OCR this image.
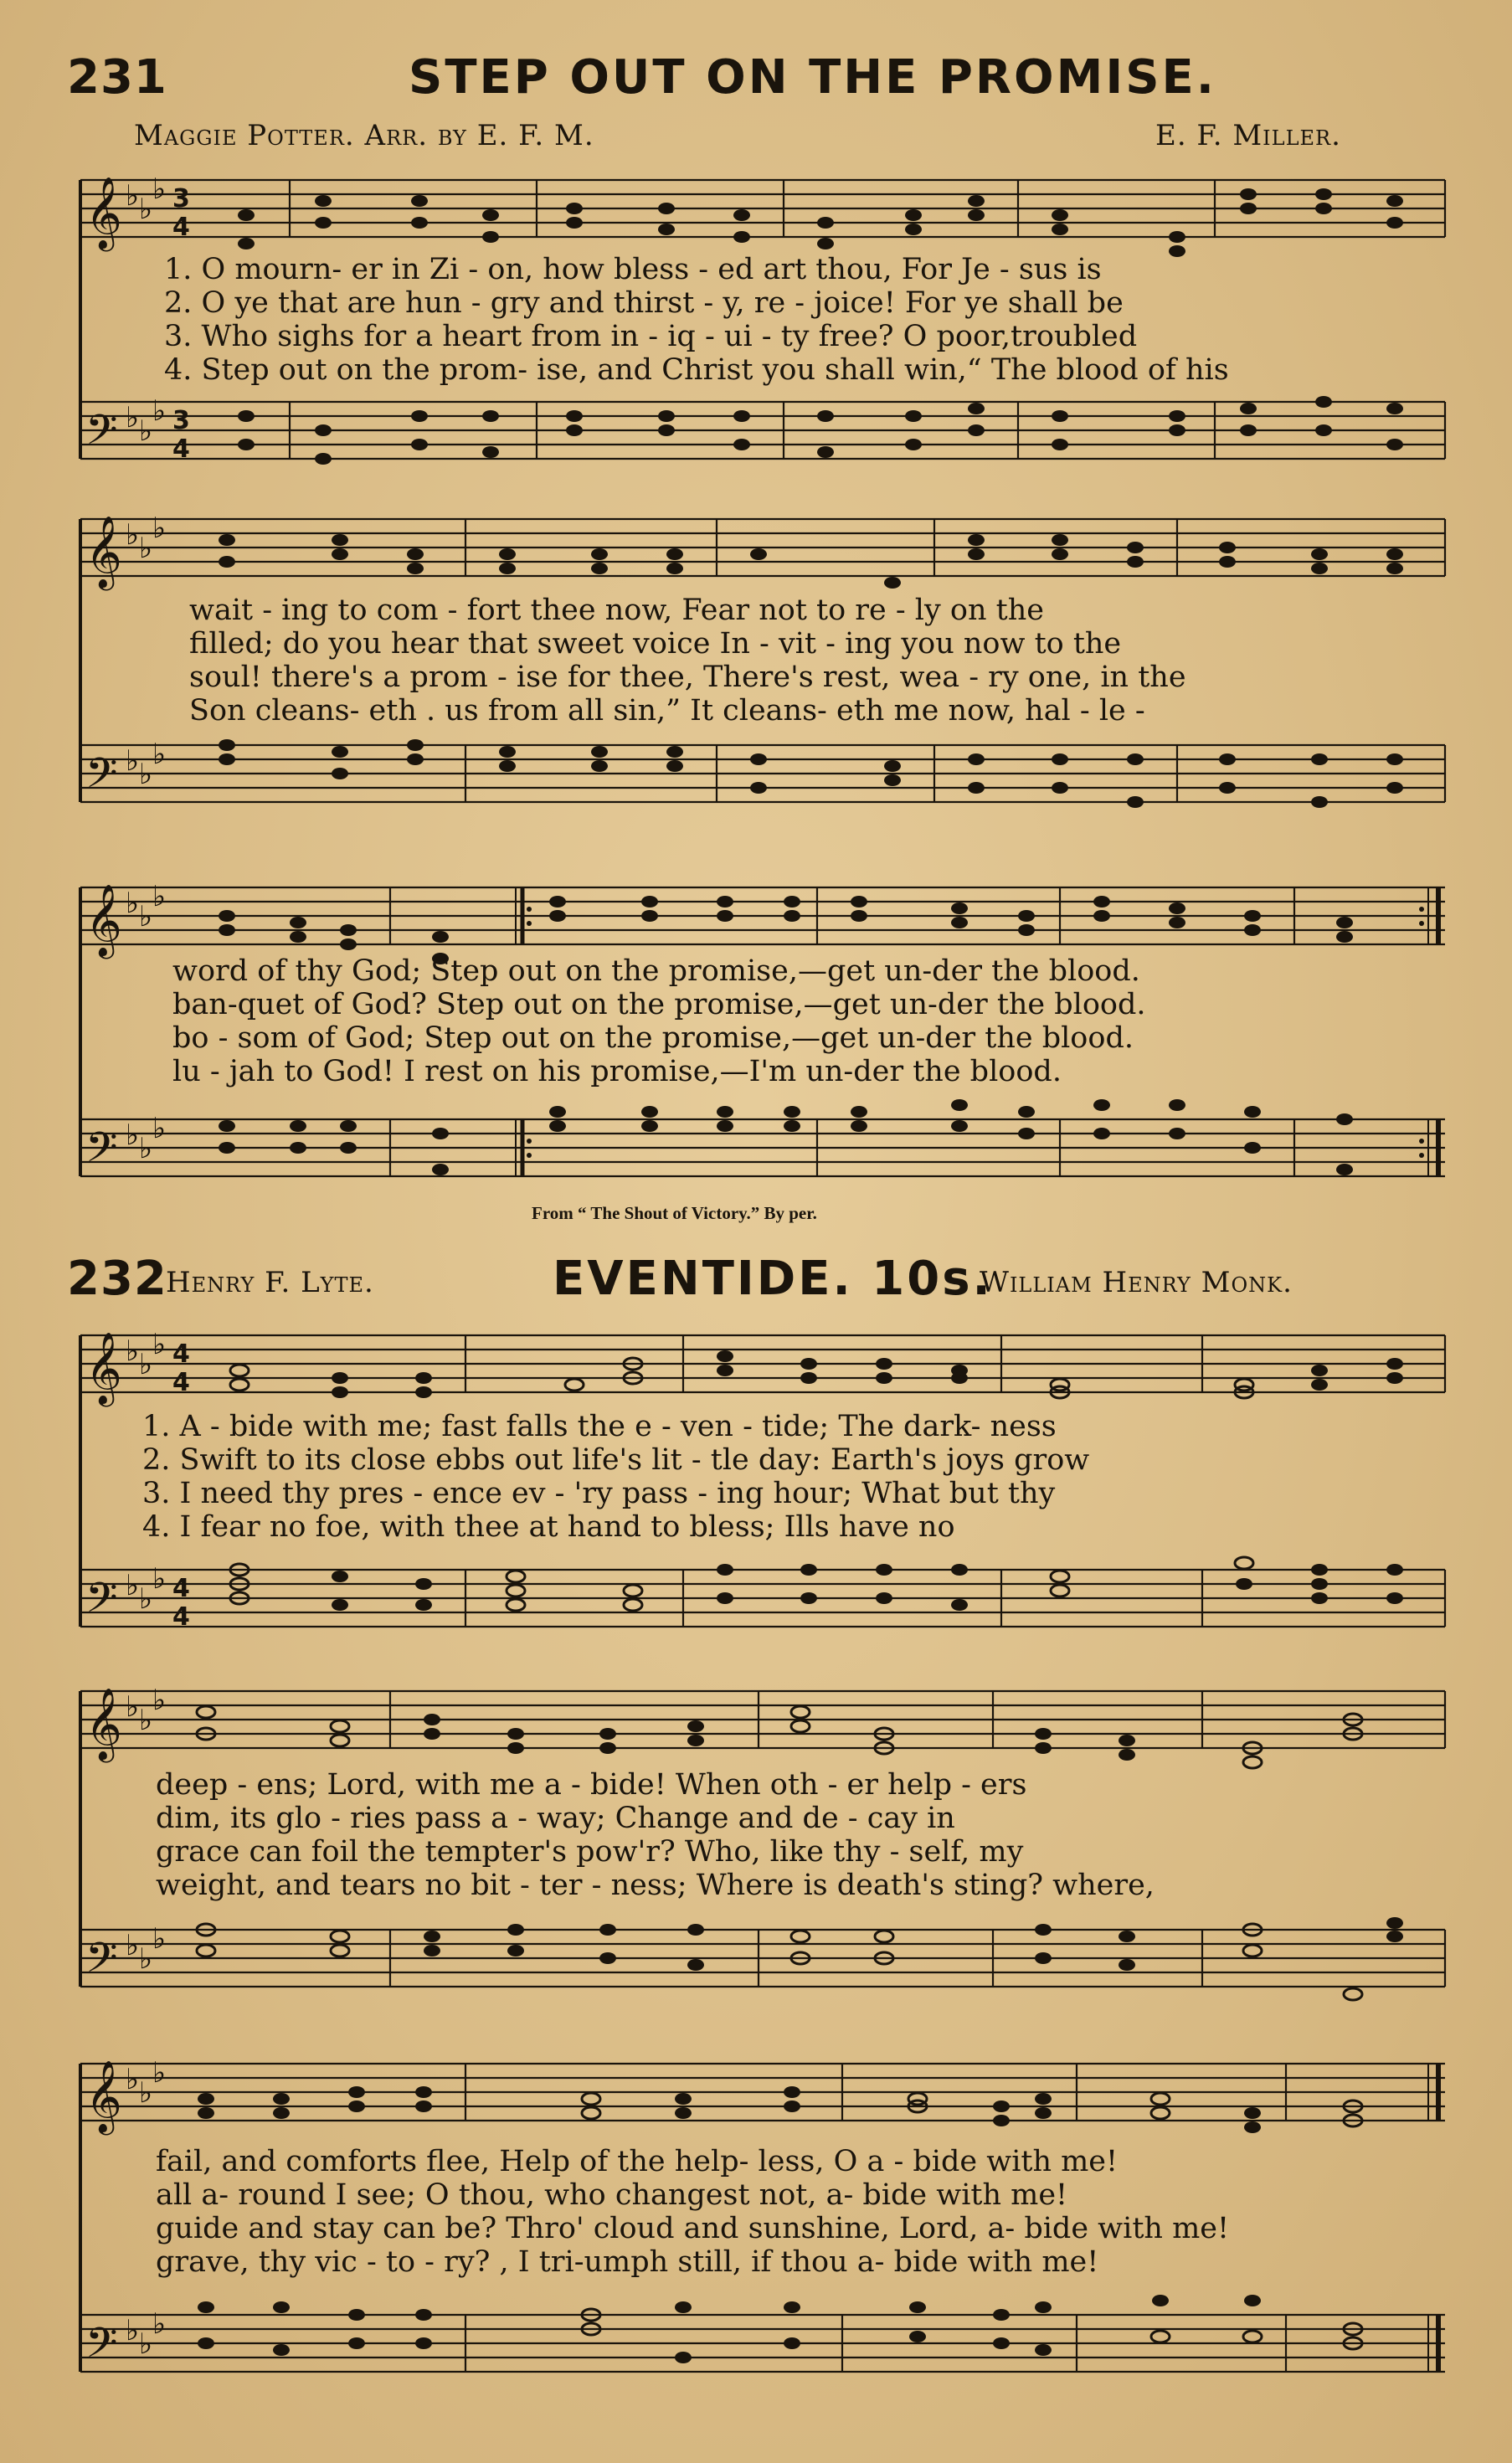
231	STEP OUT ON THE PROMISE.
Maggie Potter. Arr. by E. F. M.	E. F. Miller.
𝄞
𝄢
♭ ♭
♭
♭ ♭
♭
3
4
3
4
1. O mourn- er in Zi - on, how bless - ed art thou, For Je - sus is
2. O ye that are hun - gry and thirst - y, re - joice! For ye shall be
3. Who sighs for a heart from in - iq - ui - ty free? O poor,troubled
4. Step out on the prom- ise, and Christ you shall win,“ The blood of his
𝄞
𝄢
♭ ♭
♭
♭ ♭
♭
wait - ing to com - fort thee now, Fear not to re - ly on the
filled; do you hear that sweet voice In - vit - ing you now to the
soul! there's a prom - ise for thee, There's rest, wea - ry one, in the
Son cleans- eth . us from all sin,” It cleans- eth me now, hal - le -
𝄞
𝄢
♭ ♭
♭
♭ ♭
♭
word of thy God; Step out on the promise,—get un-der the blood.
ban-quet of God? Step out on the promise,—get un-der the blood.
bo - som of God; Step out on the promise,—get un-der the blood.
lu - jah to God! I rest on his promise,—I'm un-der the blood.
From “ The Shout of Victory.” By per.
232
Henry F. Lyte.	EVENTIDE. 10s.
William Henry Monk.
𝄞
𝄢
♭ ♭
♭
♭ ♭
♭
4
4
4
4
1. A - bide with me; fast falls the e - ven - tide; The dark- ness
2. Swift to its close ebbs out life's lit - tle day: Earth's joys grow
3. I need thy pres - ence ev - 'ry pass - ing hour; What but thy
4. I fear no foe, with thee at hand to bless; Ills have no
𝄞
𝄢
♭ ♭
♭
♭ ♭
♭
deep - ens; Lord, with me a - bide! When oth - er help - ers
dim, its glo - ries pass a - way; Change and de - cay in
grace can foil the tempter's pow'r? Who, like thy - self, my
weight, and tears no bit - ter - ness; Where is death's sting? where,
𝄞
𝄢
♭ ♭
♭
♭ ♭
♭
fail, and comforts flee, Help of the help- less, O a - bide with me!
all a- round I see; O thou, who changest not, a- bide with me!
guide and stay can be? Thro' cloud and sunshine, Lord, a- bide with me!
grave, thy vic - to - ry? , I tri-umph still, if thou a- bide with me!
